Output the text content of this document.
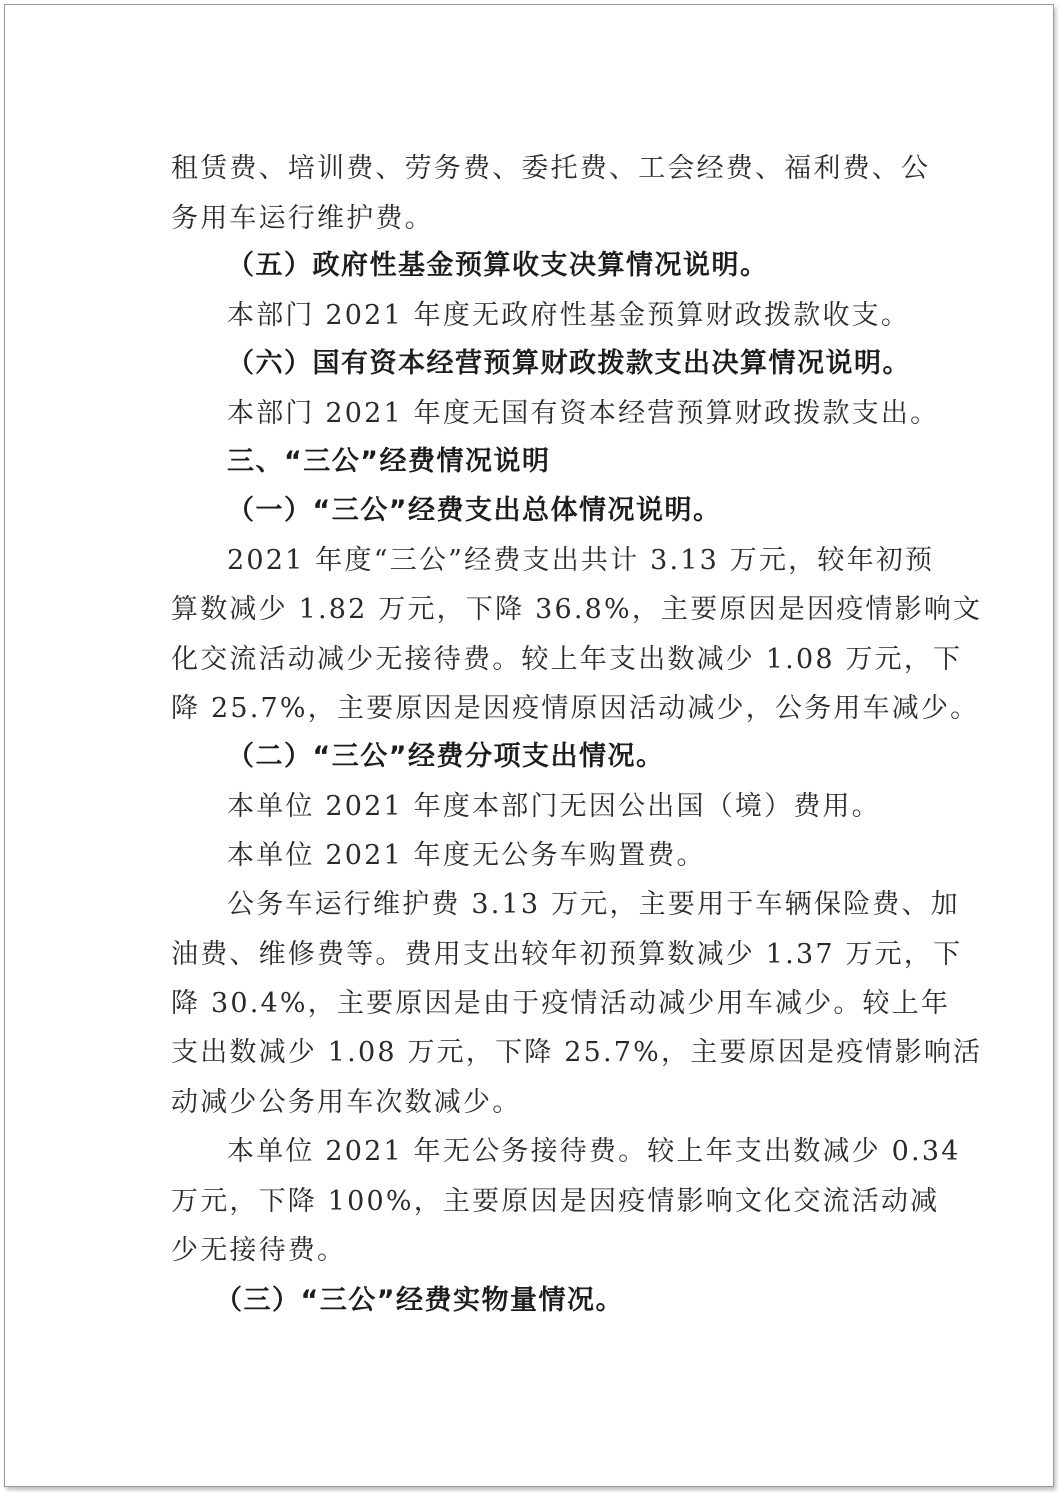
租赁费、培训费、劳务费、委托费、工会经费、福利费、公
务用车运行维护费。
（五）政府性基金预算收支决算情况说明。
本部门 2021 年度无政府性基金预算财政拨款收支。
（六）国有资本经营预算财政拨款支出决算情况说明。
本部门 2021 年度无国有资本经营预算财政拨款支出。
三、“三公”经费情况说明
（一）“三公”经费支出总体情况说明。
2021 年度“三公”经费支出共计 3.13 万元，较年初预
算数减少 1.82 万元，下降 36.8%，主要原因是因疫情影响文
化交流活动减少无接待费。较上年支出数减少 1.08 万元，下
降 25.7%，主要原因是因疫情原因活动减少，公务用车减少。
（二）“三公”经费分项支出情况。
本单位 2021 年度本部门无因公出国（境）费用。
本单位 2021 年度无公务车购置费。
公务车运行维护费 3.13 万元，主要用于车辆保险费、加
油费、维修费等。费用支出较年初预算数减少 1.37 万元，下
降 30.4%，主要原因是由于疫情活动减少用车减少。较上年
支出数减少 1.08 万元，下降 25.7%，主要原因是疫情影响活
动减少公务用车次数减少。
本单位 2021 年无公务接待费。较上年支出数减少 0.34
万元，下降 100%，主要原因是因疫情影响文化交流活动减
少无接待费。
（三）“三公”经费实物量情况。
